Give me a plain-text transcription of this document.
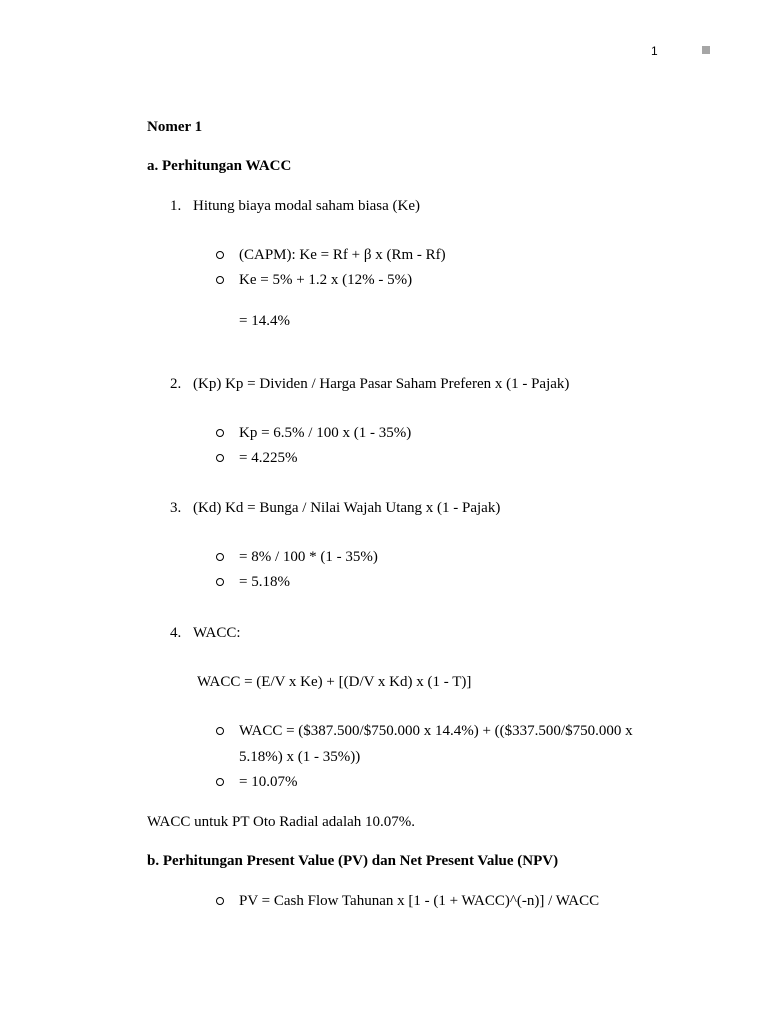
1
Nomer 1
a. Perhitungan WACC
1. Hitung biaya modal saham biasa (Ke)
(CAPM): Ke = Rf + β x (Rm - Rf)
Ke = 5% + 1.2 x (12% - 5%)
= 14.4%
2. (Kp) Kp = Dividen / Harga Pasar Saham Preferen x (1 - Pajak)
Kp = 6.5% / 100 x (1 - 35%)
= 4.225%
3. (Kd) Kd = Bunga / Nilai Wajah Utang x (1 - Pajak)
= 8% / 100 * (1 - 35%)
= 5.18%
4. WACC:
WACC = (E/V x Ke) + [(D/V x Kd) x (1 - T)]
WACC = ($387.500/$750.000 x 14.4%) + (($337.500/$750.000 x
5.18%) x (1 - 35%))
= 10.07%
WACC untuk PT Oto Radial adalah 10.07%.
b. Perhitungan Present Value (PV) dan Net Present Value (NPV)
PV = Cash Flow Tahunan x [1 - (1 + WACC)^(-n)] / WACC
